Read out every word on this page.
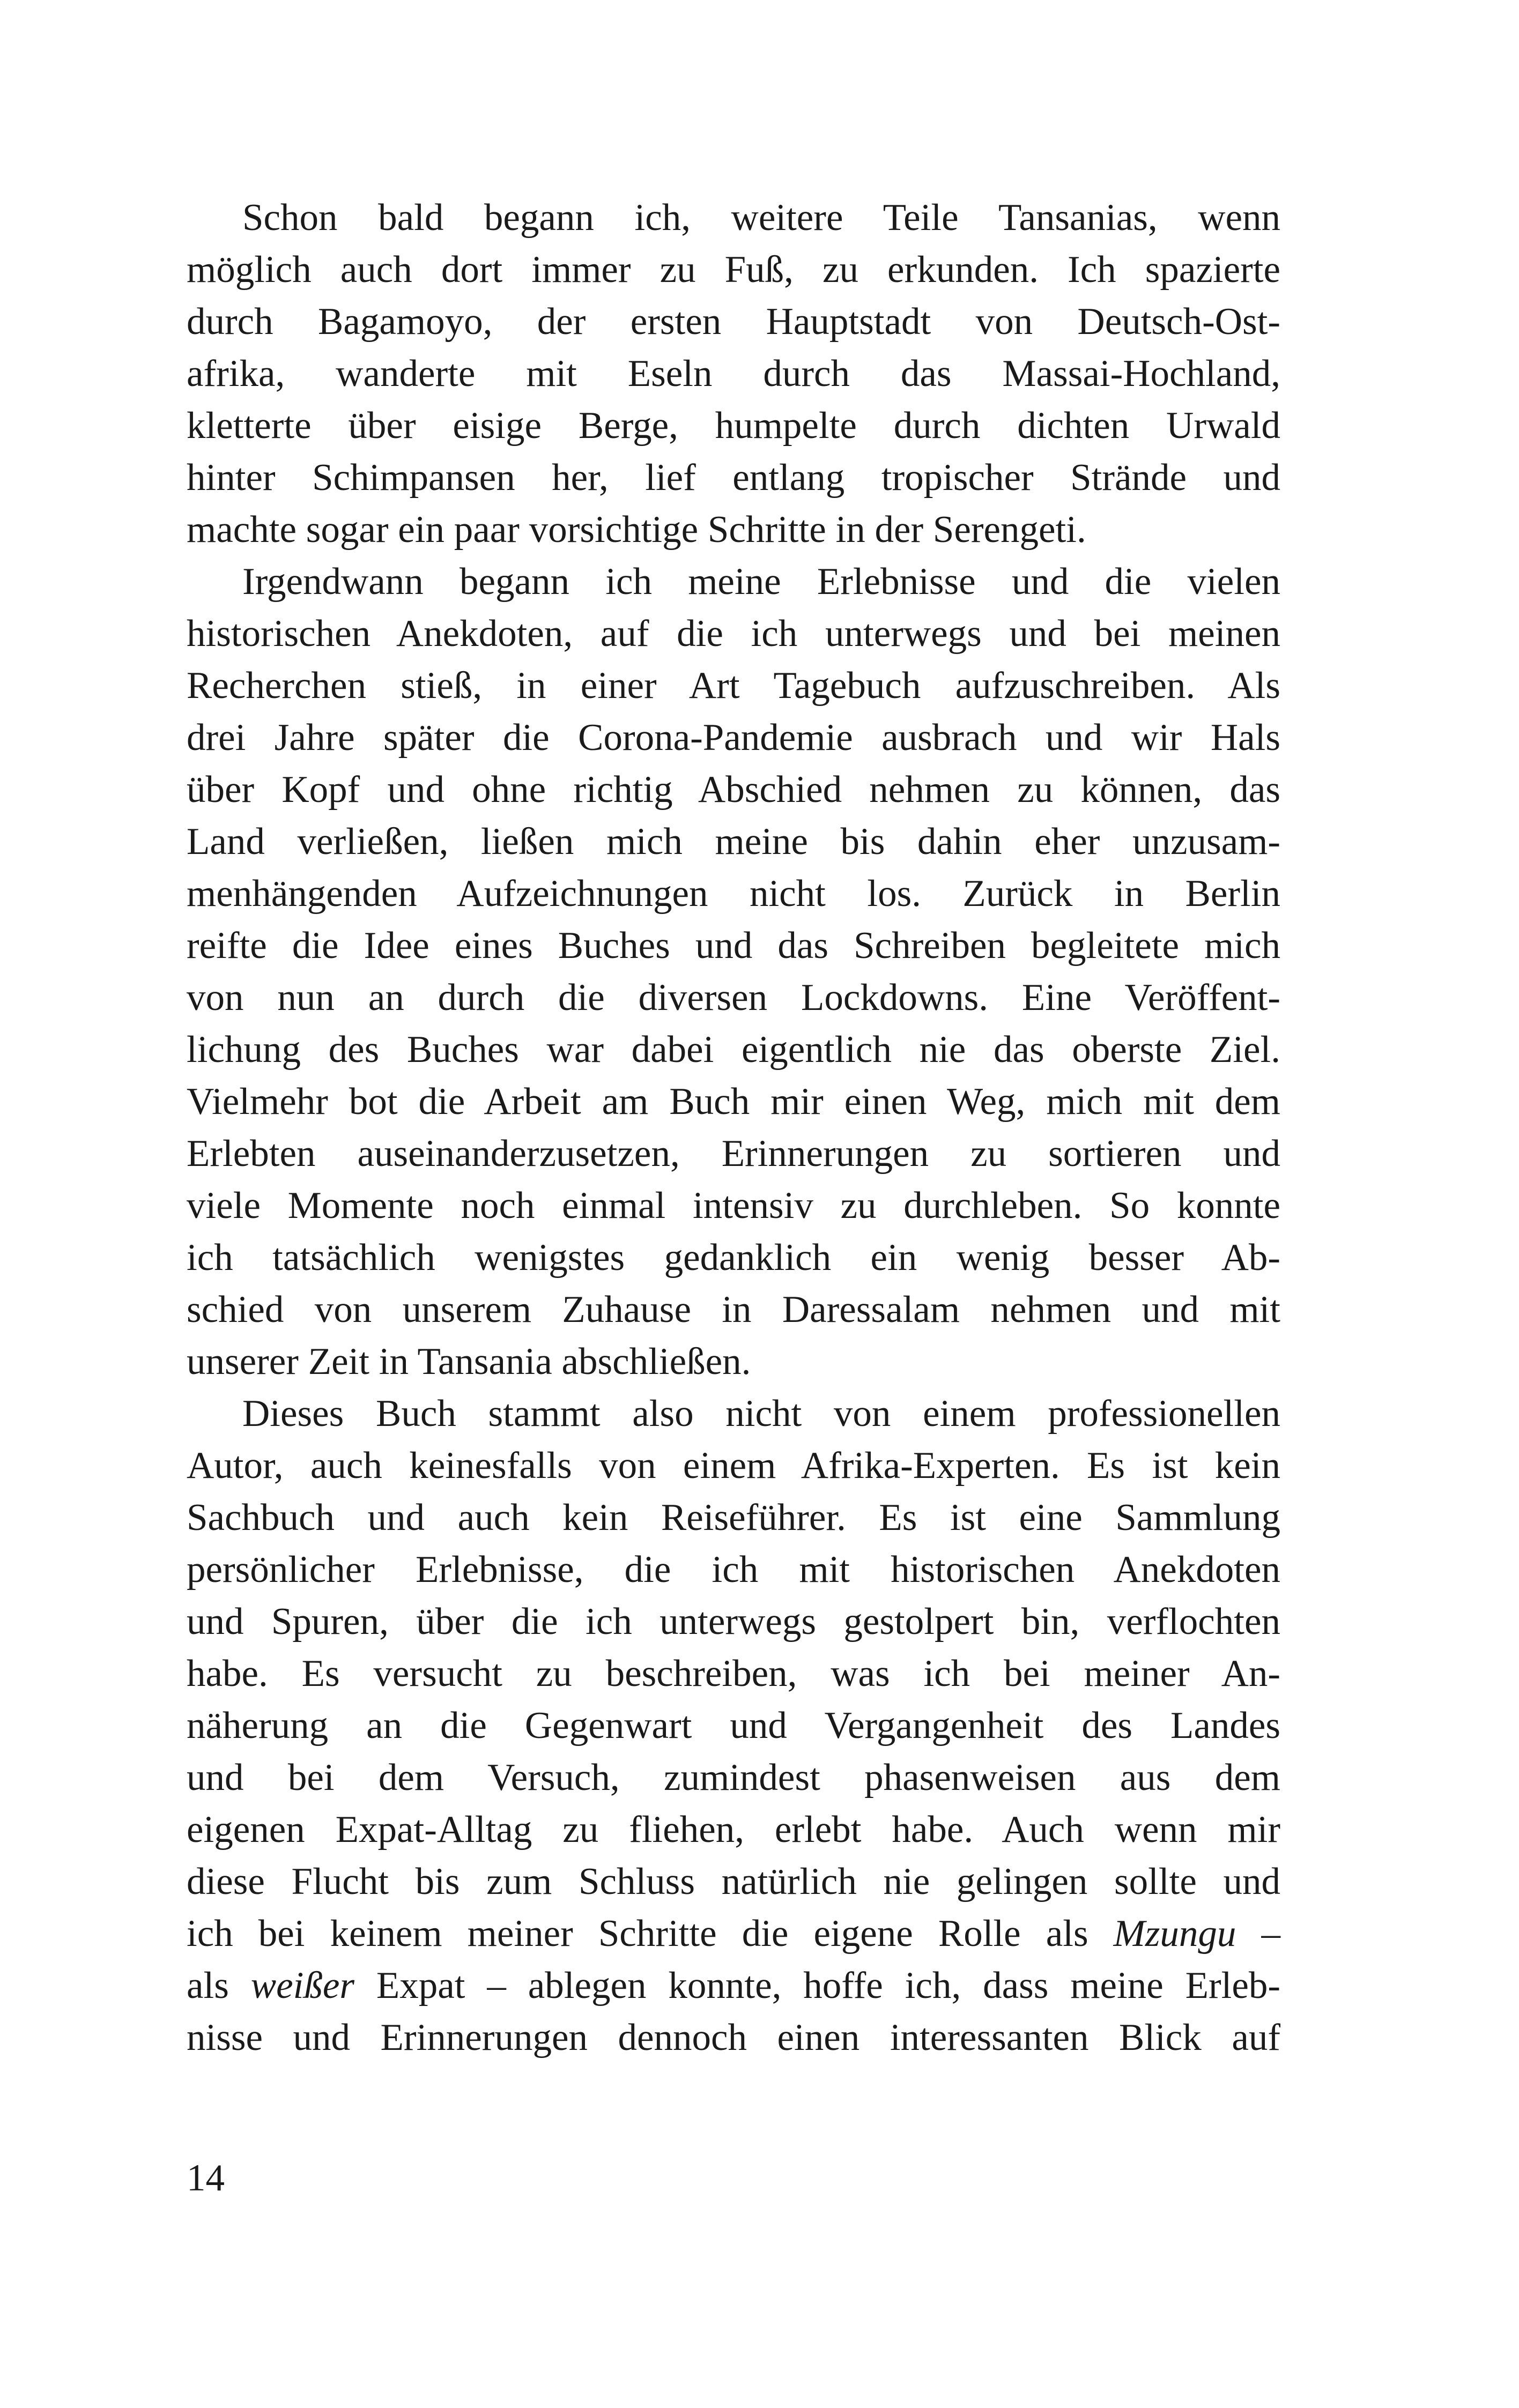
Schon bald begann ich, weitere Teile Tansanias, wenn
möglich auch dort immer zu Fuß, zu erkunden. Ich spazierte
durch Bagamoyo, der ersten Hauptstadt von Deutsch-Ost-
afrika, wanderte mit Eseln durch das Massai-Hochland,
kletterte über eisige Berge, humpelte durch dichten Urwald
hinter Schimpansen her, lief entlang tropischer Strände und
machte sogar ein paar vorsichtige Schritte in der Serengeti.
Irgendwann begann ich meine Erlebnisse und die vielen
historischen Anekdoten, auf die ich unterwegs und bei meinen
Recherchen stieß, in einer Art Tagebuch aufzuschreiben. Als
drei Jahre später die Corona-Pandemie ausbrach und wir Hals
über Kopf und ohne richtig Abschied nehmen zu können, das
Land verließen, ließen mich meine bis dahin eher unzusam-
menhängenden Aufzeichnungen nicht los. Zurück in Berlin
reifte die Idee eines Buches und das Schreiben begleitete mich
von nun an durch die diversen Lockdowns. Eine Veröffent-
lichung des Buches war dabei eigentlich nie das oberste Ziel.
Vielmehr bot die Arbeit am Buch mir einen Weg, mich mit dem
Erlebten auseinanderzusetzen, Erinnerungen zu sortieren und
viele Momente noch einmal intensiv zu durchleben. So konnte
ich tatsächlich wenigstes gedanklich ein wenig besser Ab-
schied von unserem Zuhause in Daressalam nehmen und mit
unserer Zeit in Tansania abschließen.
Dieses Buch stammt also nicht von einem professionellen
Autor, auch keinesfalls von einem Afrika-Experten. Es ist kein
Sachbuch und auch kein Reiseführer. Es ist eine Sammlung
persönlicher Erlebnisse, die ich mit historischen Anekdoten
und Spuren, über die ich unterwegs gestolpert bin, verflochten
habe. Es versucht zu beschreiben, was ich bei meiner An-
näherung an die Gegenwart und Vergangenheit des Landes
und bei dem Versuch, zumindest phasenweisen aus dem
eigenen Expat-Alltag zu fliehen, erlebt habe. Auch wenn mir
diese Flucht bis zum Schluss natürlich nie gelingen sollte und
ich bei keinem meiner Schritte die eigene Rolle als Mzungu –
als weißer Expat – ablegen konnte, hoffe ich, dass meine Erleb-
nisse und Erinnerungen dennoch einen interessanten Blick auf
14
